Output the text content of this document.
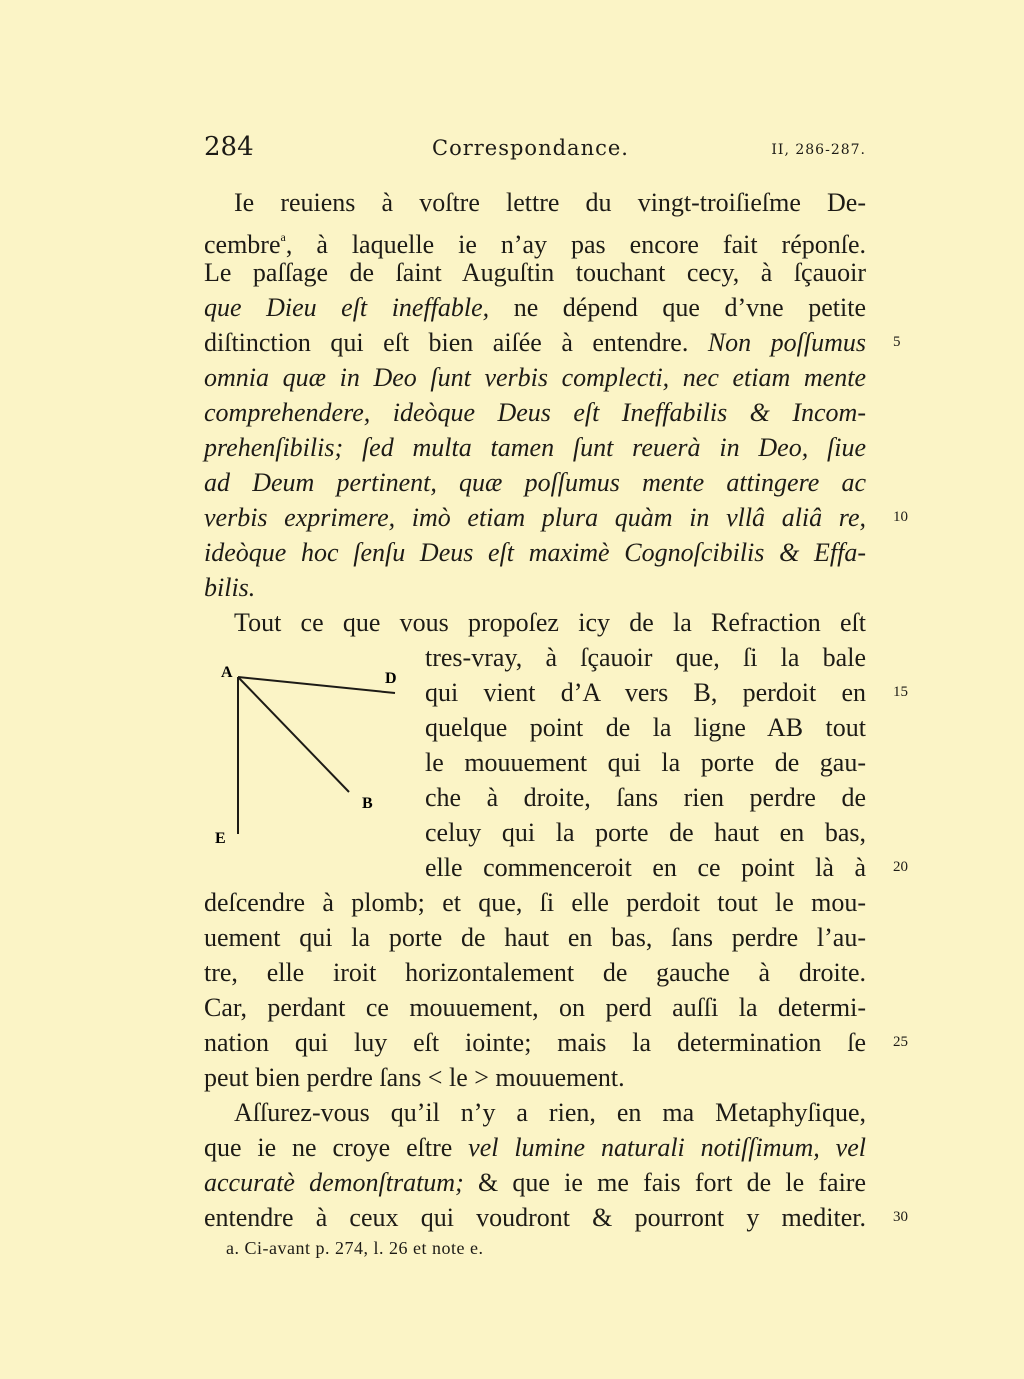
284	Correspondance.	II, 286-287.
Ie reuiens à voſtre lettre du vingt-troiſieſme De-
cembre$^a$, à laquelle ie n’ay pas encore fait réponſe.
Le paſſage de ſaint Auguſtin touchant cecy, à ſçauoir
que Dieu eſt ineffable, ne dépend que d’vne petite
diſtinction qui eſt bien aiſée à entendre. Non poſſumus
omnia quæ in Deo ſunt verbis complecti, nec etiam mente
comprehendere, ideòque Deus eſt Ineffabilis & Incom-
prehenſibilis; ſed multa tamen ſunt reuerà in Deo, ſiue
ad Deum pertinent, quæ poſſumus mente attingere ac
verbis exprimere, imò etiam plura quàm in vllâ aliâ re,
ideòque hoc ſenſu Deus eſt maximè Cognoſcibilis & Effa-
bilis.
Tout ce que vous propoſez icy de la Refraction eſt
tres-vray, à ſçauoir que, ſi la bale
qui vient d’A vers B, perdoit en
quelque point de la ligne AB tout
le mouuement qui la porte de gau-
che à droite, ſans rien perdre de
celuy qui la porte de haut en bas,
elle commenceroit en ce point là à
deſcendre à plomb; et que, ſi elle perdoit tout le mou-
uement qui la porte de haut en bas, ſans perdre l’au-
tre, elle iroit horizontalement de gauche à droite.
Car, perdant ce mouuement, on perd auſſi la determi-
nation qui luy eſt iointe; mais la determination ſe
peut bien perdre ſans < le > mouuement.
Aſſurez-vous qu’il n’y a rien, en ma Metaphyſique,
que ie ne croye eſtre vel lumine naturali notiſſimum, vel
accuratè demonſtratum; & que ie me fais fort de le faire
entendre à ceux qui voudront & pourront y mediter.
5
10
15
20
25
30
A	D
B
E
a. Ci-avant p. 274, l. 26 et note e.
